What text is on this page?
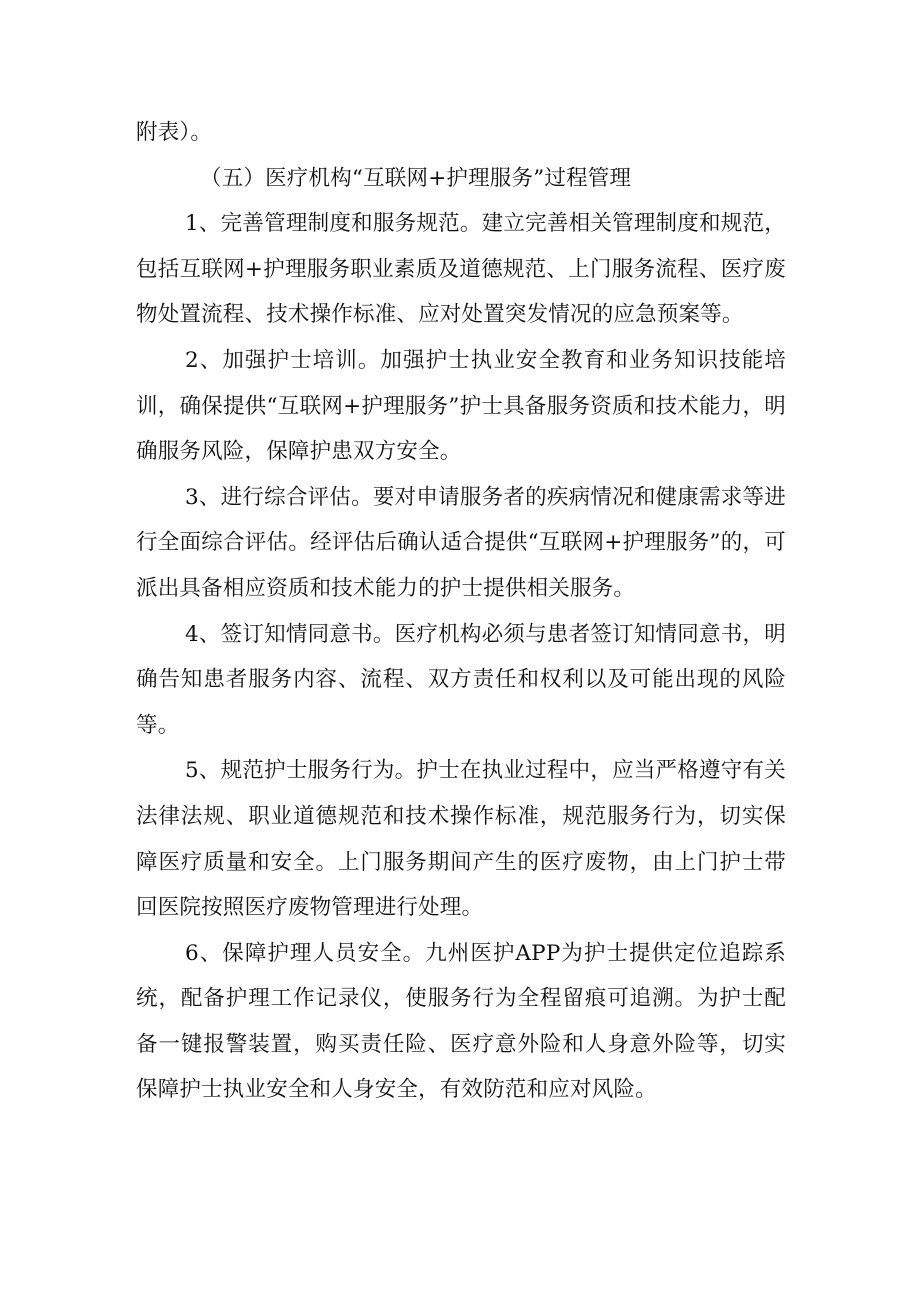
附表）。

（五）医疗机构“互联网+护理服务”过程管理

1、完善管理制度和服务规范。建立完善相关管理制度和规范，包括互联网+护理服务职业素质及道德规范、上门服务流程、医疗废物处置流程、技术操作标准、应对处置突发情况的应急预案等。

2、加强护士培训。加强护士执业安全教育和业务知识技能培训，确保提供“互联网+护理服务”护士具备服务资质和技术能力，明确服务风险，保障护患双方安全。

3、进行综合评估。要对申请服务者的疾病情况和健康需求等进行全面综合评估。经评估后确认适合提供“互联网+护理服务”的，可派出具备相应资质和技术能力的护士提供相关服务。

4、签订知情同意书。医疗机构必须与患者签订知情同意书，明确告知患者服务内容、流程、双方责任和权利以及可能出现的风险等。

5、规范护士服务行为。护士在执业过程中，应当严格遵守有关法律法规、职业道德规范和技术操作标准，规范服务行为，切实保障医疗质量和安全。上门服务期间产生的医疗废物，由上门护士带回医院按照医疗废物管理进行处理。

6、保障护理人员安全。九州医护APP为护士提供定位追踪系统，配备护理工作记录仪，使服务行为全程留痕可追溯。为护士配备一键报警装置，购买责任险、医疗意外险和人身意外险等，切实保障护士执业安全和人身安全，有效防范和应对风险。
